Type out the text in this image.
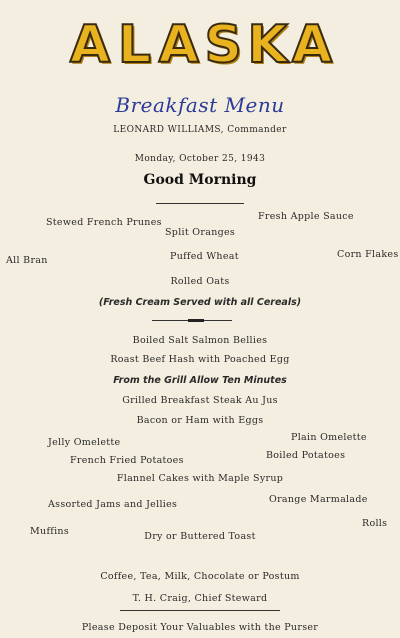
A L A S K A
Breakfast Menu
LEONARD WILLIAMS, Commander
Monday, October 25, 1943
Good Morning
Stewed French Prunes
Fresh Apple Sauce
Split Oranges
All Bran	Puffed Wheat	Corn Flakes
Rolled Oats
(Fresh Cream Served with all Cereals)
Boiled Salt Salmon Bellies
Roast Beef Hash with Poached Egg
From the Grill Allow Ten Minutes
Grilled Breakfast Steak Au Jus
Bacon or Ham with Eggs
Jelly Omelette	Plain Omelette
French Fried Potatoes	Boiled Potatoes
Flannel Cakes with Maple Syrup
Assorted Jams and Jellies	Orange Marmalade
Muffins
Rolls
Dry or Buttered Toast
Coffee, Tea, Milk, Chocolate or Postum
T. H. Craig, Chief Steward
Please Deposit Your Valuables with the Purser
